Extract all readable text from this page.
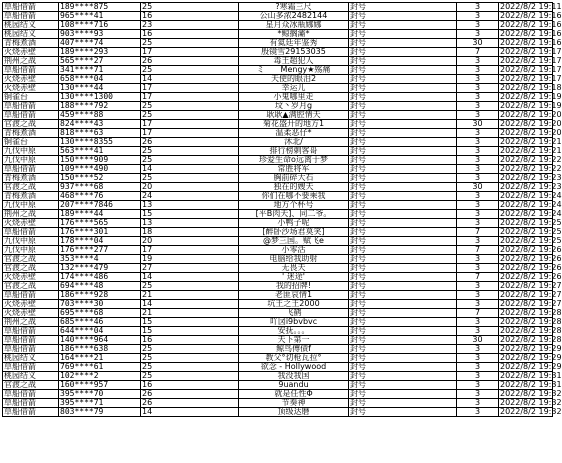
草船借箭	189****875	25	?寒霜三尺	封号	3	2022/8/2 19:11
草船借箭	965****41	16	公山多浓2482144	封号	3	2022/8/2 19:16
桃园结义	108****716	23	星月众冰瓶娜娜	封号	3	2022/8/2 19:16
桃园结义	903****93	16	*鲸搁灞*	封号	3	2022/8/2 19:16
青梅煮酒	407****74	25	有氦廷年鉴秀	封号	30	2022/8/2 19:16
火烧赤壁	189****293	17	殷镜雪29153035	封号	7	2022/8/2 19:17
荆州之战	565****27	26	毒王超犯人	封号	3	2022/8/2 19:17
草船借箭	341****71	25	ミ　　Mengy★殇痛	封号	3	2022/8/2 19:17
火烧赤壁	658****04	14	天使的眼泪2	封号	3	2022/8/2 19:17
火烧赤壁	130****44	17	幸运儿	封号	3	2022/8/2 19:18
铜雀台	130****1300	17	小鬼哪里走	封号	3	2022/8/2 19:19
草船借箭	188****792	25	坟丶岁月g	封号	3	2022/8/2 19:19
草船借箭	459****88	25	耿耿▲满腔情天	封号	3	2022/8/2 19:20
官渡之战	824****43	17	菊花盛开的地方1	封号	30	2022/8/2 19:20
青梅煮酒	818****63	17	温柔恶仔*	封号	3	2022/8/2 19:20
铜雀台	130****8355	26	沐北/	封号	3	2022/8/2 19:21
九伐中原	563****41	25	排行榜刺客哥	封号	3	2022/8/2 19:21
九伐中原	150****909	25	珍爱生命o远离于梦	封号	3	2022/8/2 19:22
草船借箭	109****490	14	常胜将军	封号	3	2022/8/2 19:22
青梅煮酒	150****52	25	胸前碎大石	封号	3	2022/8/2 19:23
官渡之战	937****68	20	独在的嫂天	封号	30	2022/8/2 19:23
青梅煮酒	468****76	24	你们在哪不要乘我	封号	3	2022/8/2 19:24
九伐中原	207****7846	13	地方个杯号	封号	3	2022/8/2 19:24
荆州之战	189****44	15	[平B肉天]、同二爷。	封号	3	2022/8/2 19:24
火烧赤壁	176****565	13	小鸭子呢	封号	3	2022/8/2 19:25
草船借箭	176****301	18	[醉卧沙场君莫笑]	封号	7	2022/8/2 19:25
九伐中原	178****04	20	@梦三国。赋飞e	封号	3	2022/8/2 19:25
九伐中原	176****277	17	小零活	封号	7	2022/8/2 19:26
官渡之战	353****4	19	电脑给我助射	封号	3	2022/8/2 19:26
官渡之战	132****479	27	无畏天	封号	3	2022/8/2 19:26
火烧赤壁	174****486	14	' 迷途'	封号	7	2022/8/2 19:26
官渡之战	694****48	25	我的招牌!	封号	3	2022/8/2 19:27
草船借箭	186****928	21	老匪哀情1	封号	3	2022/8/2 19:27
火烧赤壁	703****30	14	坑王之王2000	封号	3	2022/8/2 19:27
火烧赤壁	695****68	21	飞鹤	封号	7	2022/8/2 19:28
荆州之战	685****46	15	吖㘝i9bvbvc	封号	3	2022/8/2 19:28
草船借箭	644****04	15	安抚。。。	封号	3	2022/8/2 19:28
草船借箭	140****964	16	天下第一	封号	30	2022/8/2 19:28
草船借箭	186****638	25	鲸鸟傅债f	封号	3	2022/8/2 19:29
桃园结义	164****21	25	教父°切枪瓦拉°	封号	3	2022/8/2 19:29
草船借箭	769****61	25	欲念 - Hollywood	封号	3	2022/8/2 19:29
桃园结义	102****2	25	我没我国	封号	3	2022/8/2 19:31
官渡之战	160****957	16	9uandu	封号	3	2022/8/2 19:31
草船借箭	395****70	26	就是任性Φ	封号	3	2022/8/2 19:32
草船借箭	395****71	26	节奏神	封号	3	2022/8/2 19:32
草船借箭	803****79	14	顶级达磨	封号	3	2022/8/2 19:32
